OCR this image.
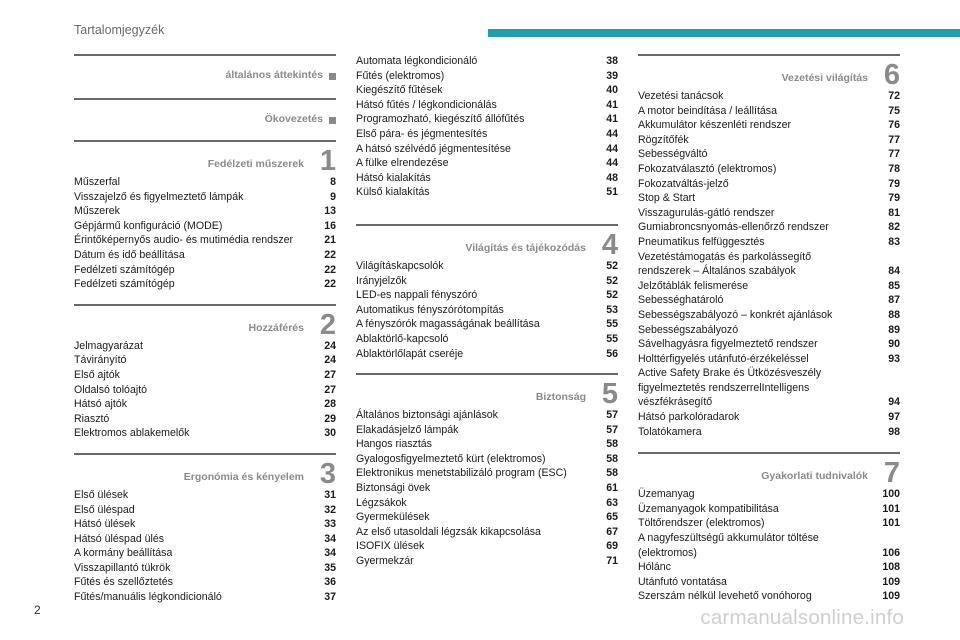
Tartalomjegyzék
általános áttekintés
Ökovezetés
Fedélzeti műszerek 1
Műszerfal	8
Visszajelző és figyelmeztető lámpák	9
Műszerek	13
Gépjármű konfiguráció (MODE)	16
Érintőképernyős audio- és mutimédia rendszer	21
Dátum és idő beállítása	22
Fedélzeti számítógép	22
Fedélzeti számítógép	22
Hozzáférés 2
Jelmagyarázat	24
Távirányító	24
Első ajtók	27
Oldalsó tolóajtó	27
Hátsó ajtók	28
Riasztó	29
Elektromos ablakemelők	30
Ergonómia és kényelem 3
Első ülések	31
Első üléspad	32
Hátsó ülések	33
Hátsó üléspad ülés	34
A kormány beállítása	34
Visszapillantó tükrök	35
Fűtés és szellőztetés	36
Fűtés/manuális légkondicionáló	37
Automata légkondicionáló	38
Fűtés (elektromos)	39
Kiegészítő fűtések	40
Hátsó fűtés / légkondicionálás	41
Programozható, kiegészítő állófűtés	41
Első pára- és jégmentesítés	44
A hátsó szélvédő jégmentesítése	44
A fülke elrendezése	44
Hátsó kialakítás	48
Külső kialakítás	51
Világítás és tájékozódás 4
Világításkapcsolók	52
Irányjelzők	52
LED-es nappali fényszóró	52
Automatikus fényszórótompítás	53
A fényszórók magasságának beállítása	55
Ablaktörlő-kapcsoló	55
Ablaktörlőlapát cseréje	56
Biztonság 5
Általános biztonsági ajánlások	57
Elakadásjelző lámpák	57
Hangos riasztás	58
Gyalogosfigyelmeztető kürt (elektromos)	58
Elektronikus menetstabilizáló program (ESC)	58
Biztonsági övek	61
Légzsákok	63
Gyermekülések	65
Az első utasoldali légzsák kikapcsolása	67
ISOFIX ülések	69
Gyermekzár	71
Vezetési világítás 6
Vezetési tanácsok	72
A motor beindítása / leállítása	75
Akkumulátor készenléti rendszer	76
Rögzítőfék	77
Sebességváltó	77
Fokozatválasztó (elektromos)	78
Fokozatváltás-jelző	79
Stop & Start	79
Visszagurulás-gátló rendszer	81
Gumiabroncsnyomás-ellenőrző rendszer	82
Pneumatikus felfüggesztés	83
Vezetéstámogatás és parkolássegítő
rendszerek – Általános szabályok	84
Jelzőtáblák felismerése	85
Sebességhatároló	87
Sebességszabályozó – konkrét ajánlások	88
Sebességszabályozó	89
Sávelhagyásra figyelmeztető rendszer	90
Holttérfigyelés utánfutó-érzékeléssel	93
Active Safety Brake és Ütközésveszély
figyelmeztetés rendszerrelIntelligens
vészfékrásegítő	94
Hátsó parkolóradarok	97
Tolatókamera	98
Gyakorlati tudnivalók 7
Üzemanyag	100
Üzemanyagok kompatibilitása	101
Töltőrendszer (elektromos)	101
A nagyfeszültségű akkumulátor töltése
(elektromos)	106
Hólánc	108
Utánfutó vontatása	109
Szerszám nélkül levehető vonóhorog	109
2	carmanualsonline.info
